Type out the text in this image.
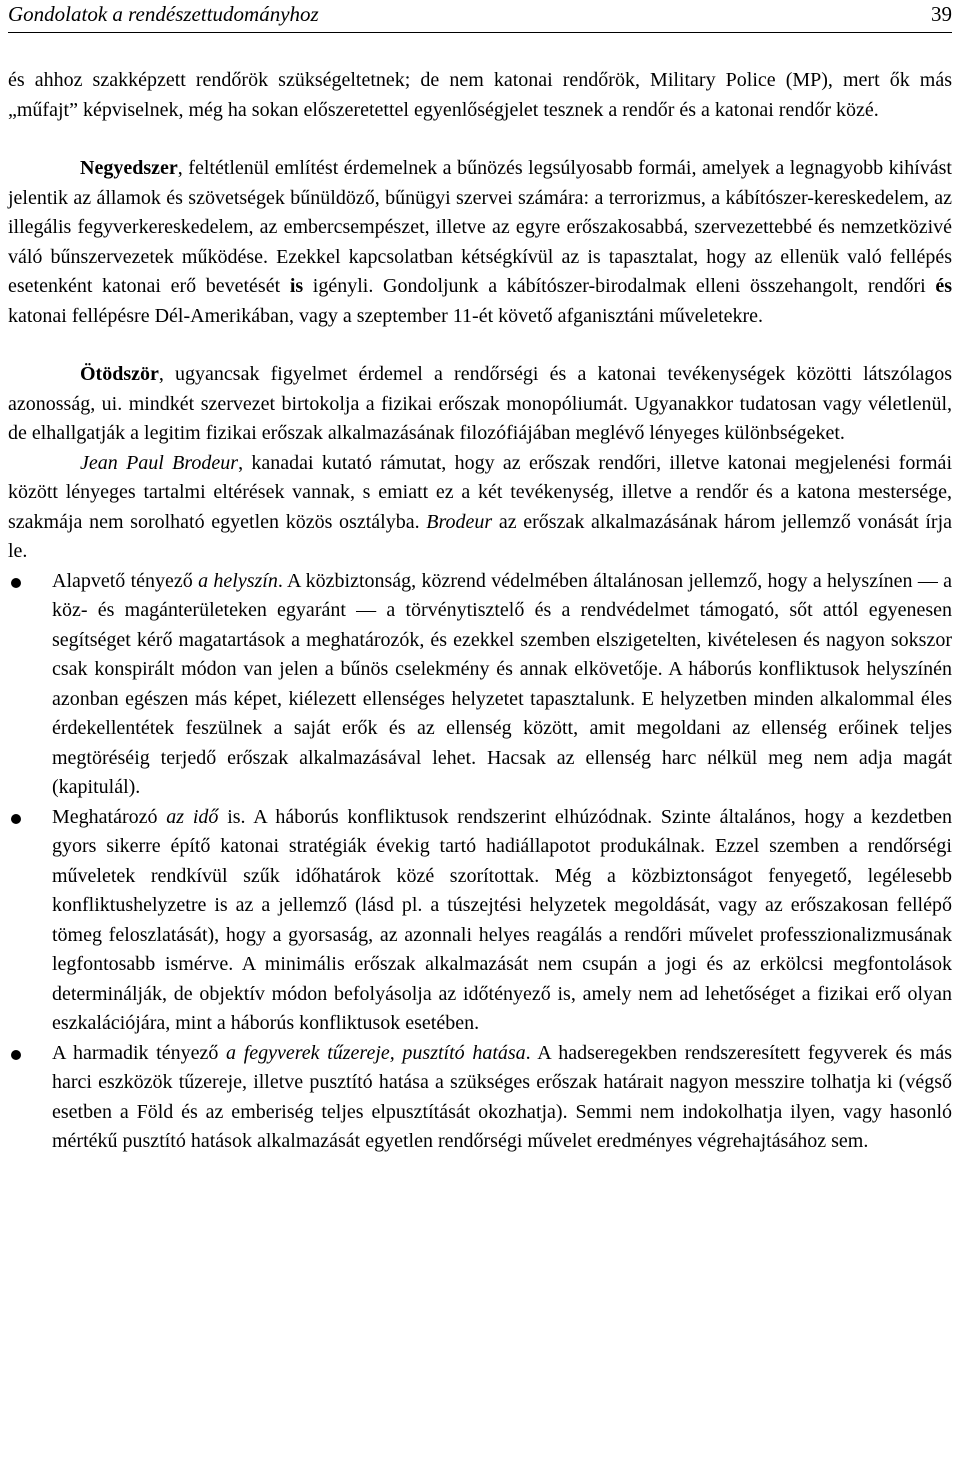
Gondolatok a rendészettudományhoz	39

és ahhoz szakképzett rendőrök szükségeltetnek; de nem katonai rendőrök, Military Police (MP), mert ők más „műfajt” képviselnek, még ha sokan előszeretettel egyenlőségjelet tesznek a rendőr és a katonai rendőr közé.

Negyedszer, feltétlenül említést érdemelnek a bűnözés legsúlyosabb formái, amelyek a legnagyobb kihívást jelentik az államok és szövetségek bűnüldöző, bűnügyi szervei számára: a terrorizmus, a kábítószer-kereskedelem, az illegális fegyverkereskedelem, az embercsempészet, illetve az egyre erőszakosabbá, szervezettebbé és nemzetközivé váló bűnszervezetek működése. Ezekkel kapcsolatban kétségkívül az is tapasztalat, hogy az ellenük való fellépés esetenként katonai erő bevetését is igényli. Gondoljunk a kábítószer-birodalmak elleni összehangolt, rendőri és katonai fellépésre Dél-Amerikában, vagy a szeptember 11-ét követő afganisztáni műveletekre.

Ötödször, ugyancsak figyelmet érdemel a rendőrségi és a katonai tevékenységek közötti látszólagos azonosság, ui. mindkét szervezet birtokolja a fizikai erőszak monopóliumát. Ugyanakkor tudatosan vagy véletlenül, de elhallgatják a legitim fizikai erőszak alkalmazásának filozófiájában meglévő lényeges különbségeket.

Jean Paul Brodeur, kanadai kutató rámutat, hogy az erőszak rendőri, illetve katonai megjelenési formái között lényeges tartalmi eltérések vannak, s emiatt ez a két tevékenység, illetve a rendőr és a katona mestersége, szakmája nem sorolható egyetlen közös osztályba. Brodeur az erőszak alkalmazásának három jellemző vonását írja le.

Alapvető tényező a helyszín. A közbiztonság, közrend védelmében általánosan jellemző, hogy a helyszínen — a köz- és magánterületeken egyaránt — a törvénytisztelő és a rendvédelmet támogató, sőt attól egyenesen segítséget kérő magatartások a meghatározók, és ezekkel szemben elszigetelten, kivételesen és nagyon sokszor csak konspirált módon van jelen a bűnös cselekmény és annak elkövetője. A háborús konfliktusok helyszínén azonban egészen más képet, kiélezett ellenséges helyzetet tapasztalunk. E helyzetben minden alkalommal éles érdekellentétek feszülnek a saját erők és az ellenség között, amit megoldani az ellenség erőinek teljes megtöréséig terjedő erőszak alkalmazásával lehet. Hacsak az ellenség harc nélkül meg nem adja magát (kapitulál).
Meghatározó az idő is. A háborús konfliktusok rendszerint elhúzódnak. Szinte általános, hogy a kezdetben gyors sikerre építő katonai stratégiák évekig tartó hadiállapotot produkálnak. Ezzel szemben a rendőrségi műveletek rendkívül szűk időhatárok közé szorítottak. Még a közbiztonságot fenyegető, legélesebb konfliktushelyzetre is az a jellemző (lásd pl. a túszejtési helyzetek megoldását, vagy az erőszakosan fellépő tömeg feloszlatását), hogy a gyorsaság, az azonnali helyes reagálás a rendőri művelet professzionalizmusának legfontosabb ismérve. A minimális erőszak alkalmazását nem csupán a jogi és az erkölcsi megfontolások determinálják, de objektív módon befolyásolja az időtényező is, amely nem ad lehetőséget a fizikai erő olyan eszkalációjára, mint a háborús konfliktusok esetében.
A harmadik tényező a fegyverek tűzereje, pusztító hatása. A hadseregekben rendszeresített fegyverek és más harci eszközök tűzereje, illetve pusztító hatása a szükséges erőszak határait nagyon messzire tolhatja ki (végső esetben a Föld és az emberiség teljes elpusztítását okozhatja). Semmi nem indokolhatja ilyen, vagy hasonló mértékű pusztító hatások alkalmazását egyetlen rendőrségi művelet eredményes végrehajtásához sem.
